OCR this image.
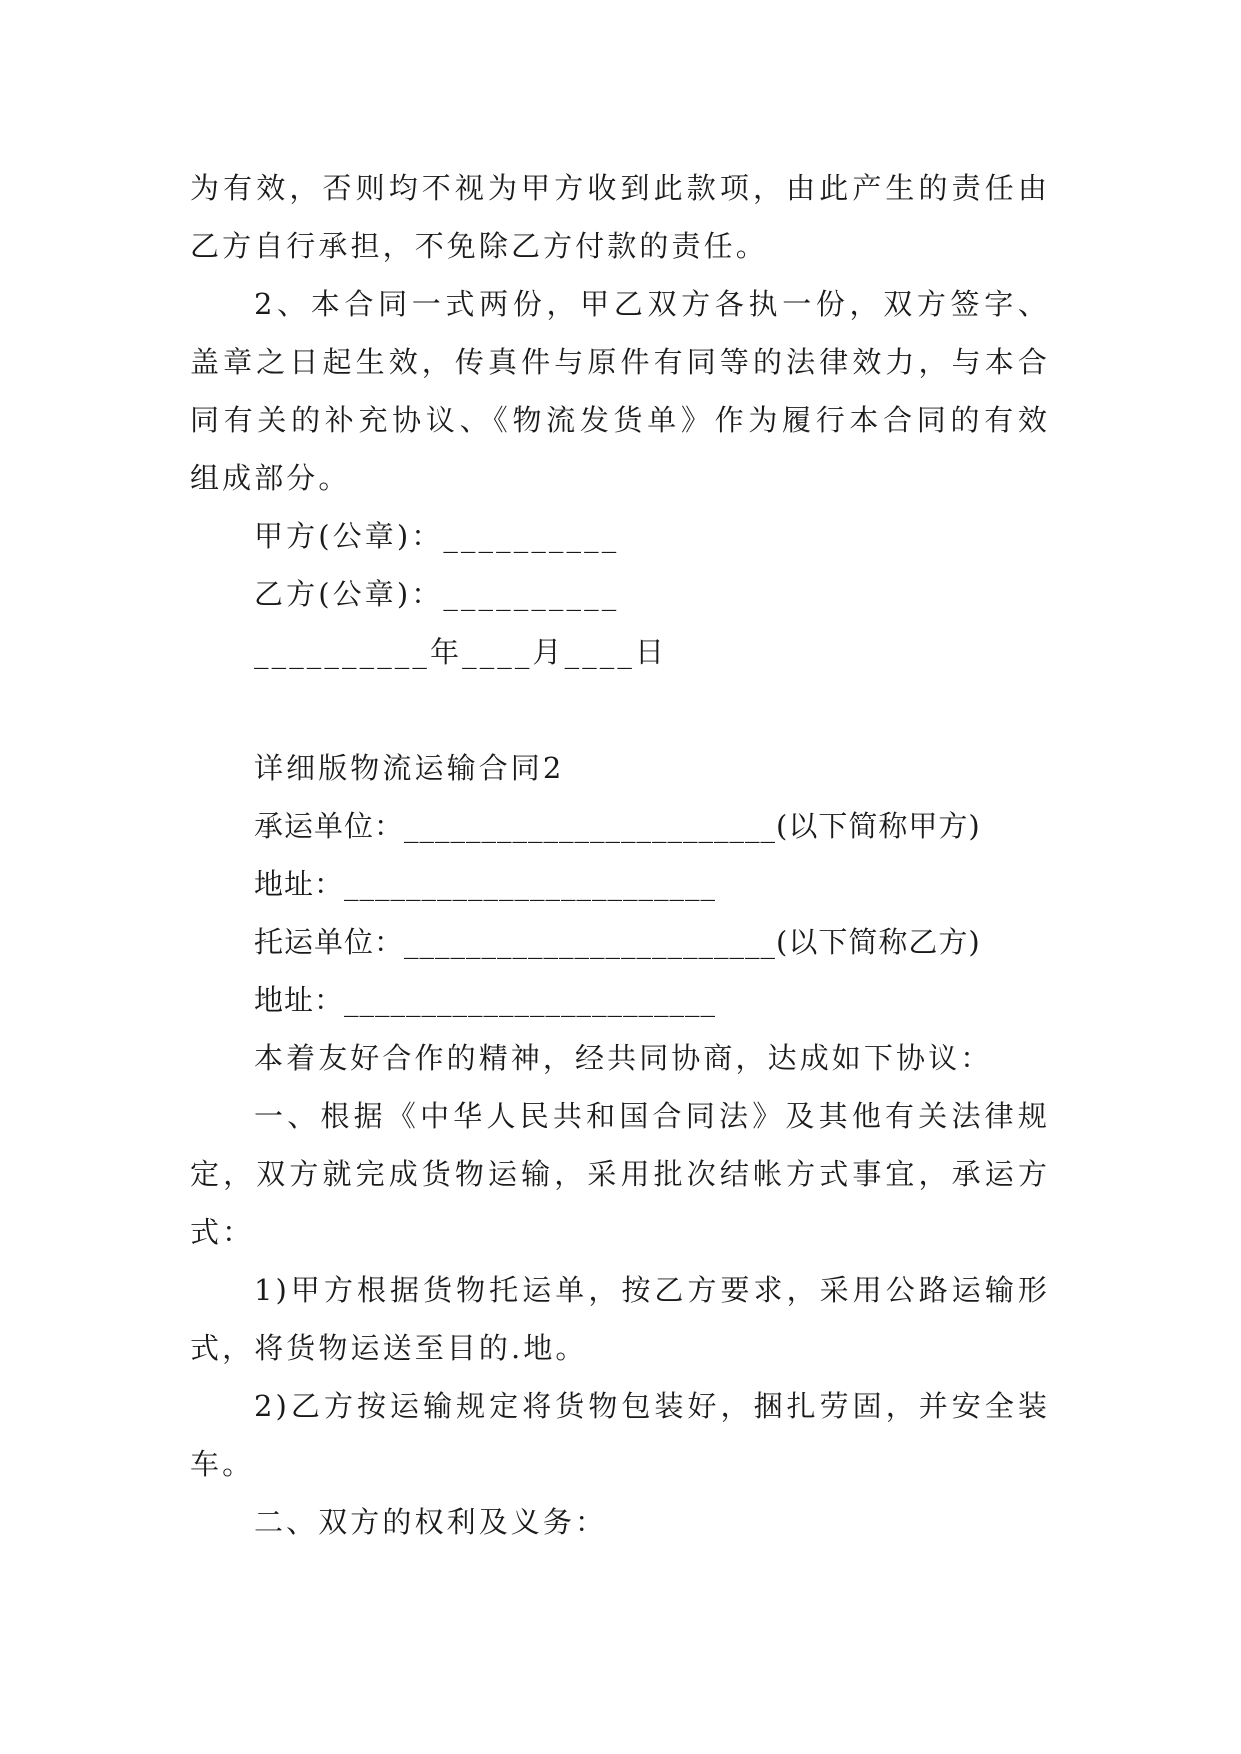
为有效，否则均不视为甲方收到此款项，由此产生的责任由
乙方自行承担，不免除乙方付款的责任。
2、本合同一式两份，甲乙双方各执一份，双方签字、
盖章之日起生效，传真件与原件有同等的法律效力，与本合
同有关的补充协议、《物流发货单》作为履行本合同的有效
组成部分。
甲方(公章)：__________
乙方(公章)：__________
__________年____月____日
详细版物流运输合同2
承运单位：________________________(以下简称甲方)
地址：________________________
托运单位：________________________(以下简称乙方)
地址：________________________
本着友好合作的精神，经共同协商，达成如下协议：
一、根据《中华人民共和国合同法》及其他有关法律规
定，双方就完成货物运输，采用批次结帐方式事宜，承运方
式：
1)甲方根据货物托运单，按乙方要求，采用公路运输形
式，将货物运送至目的.地。
2)乙方按运输规定将货物包装好，捆扎劳固，并安全装
车。
二、双方的权利及义务：
